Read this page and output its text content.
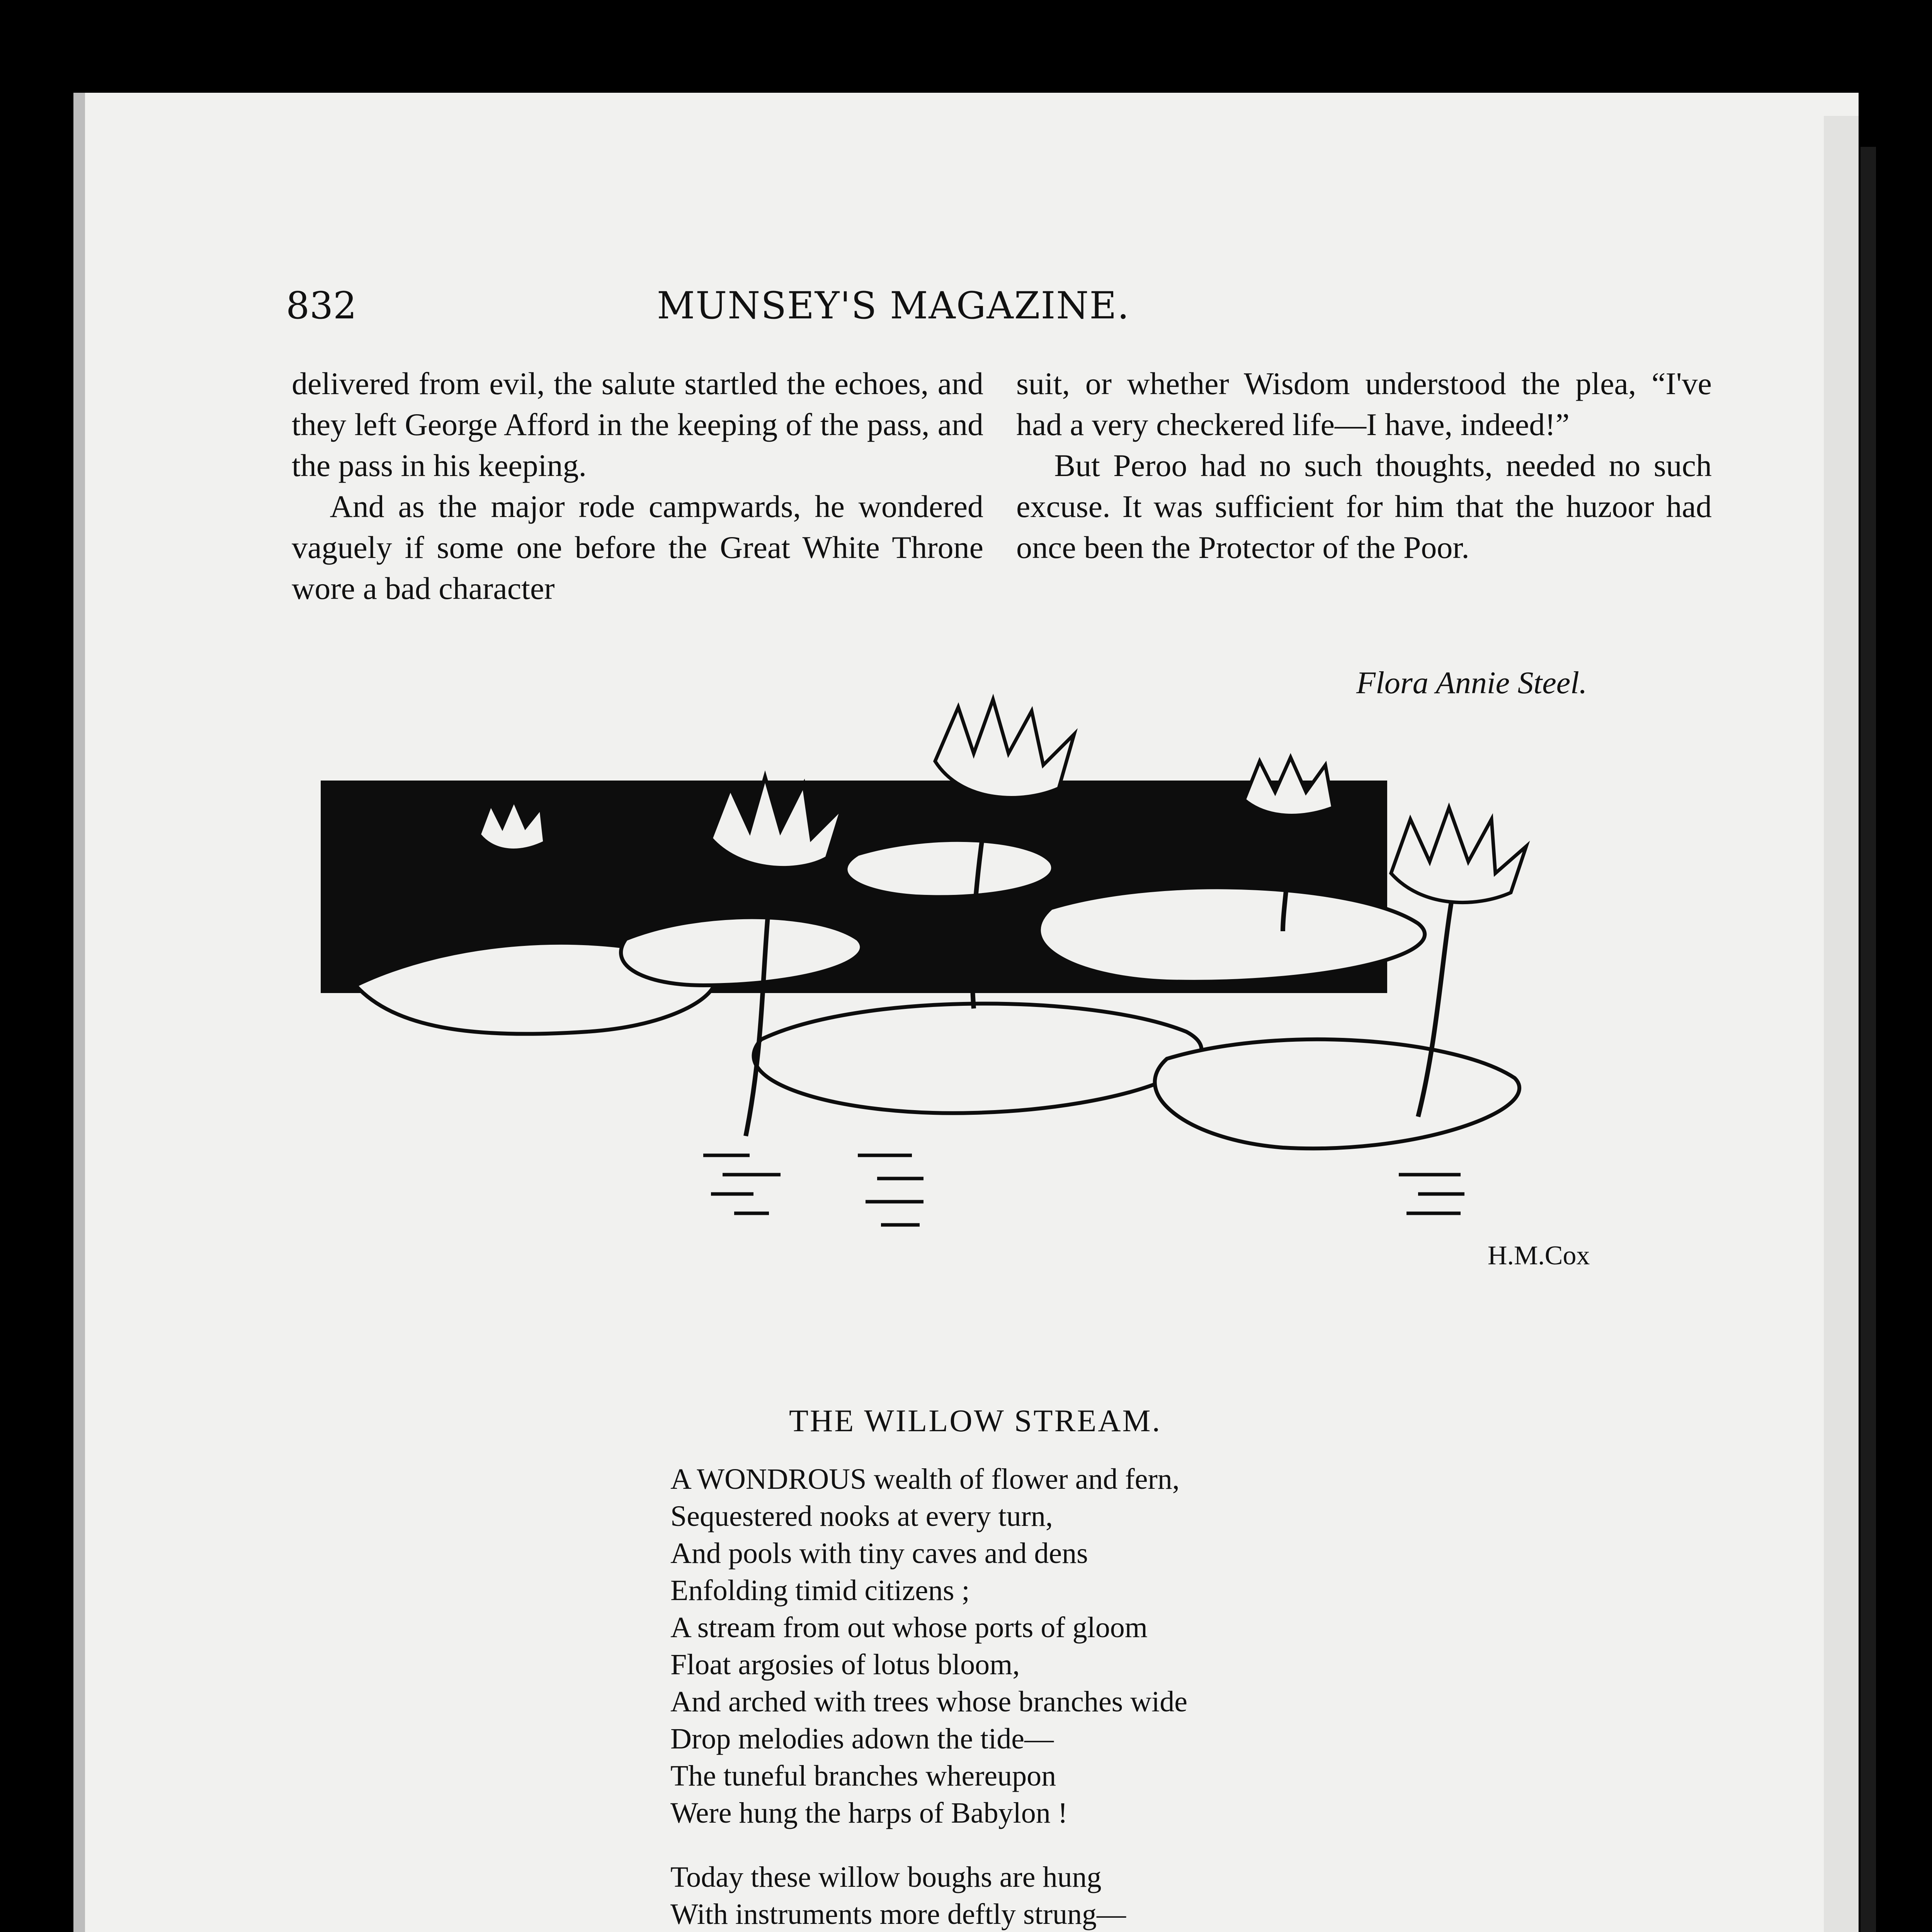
832	MUNSEY'S MAGAZINE.

delivered from evil, the salute startled the echoes, and they left George Afford in the keeping of the pass, and the pass in his keeping.

And as the major rode campwards, he wondered vaguely if some one before the Great White Throne wore a bad character

suit, or whether Wisdom understood the plea, “I've had a very checkered life—I have, indeed!”

But Peroo had no such thoughts, needed no such excuse. It was sufficient for him that the huzoor had once been the Protector of the Poor.

Flora Annie Steel.
H.M.Cox
THE WILLOW STREAM.
A WONDROUS wealth of flower and fern,
Sequestered nooks at every turn,
And pools with tiny caves and dens
Enfolding timid citizens ;
A stream from out whose ports of gloom
Float argosies of lotus bloom,
And arched with trees whose branches wide
Drop melodies adown the tide—
The tuneful branches whereupon
Were hung the harps of Babylon !
Today these willow boughs are hung
With instruments more deftly strung—
